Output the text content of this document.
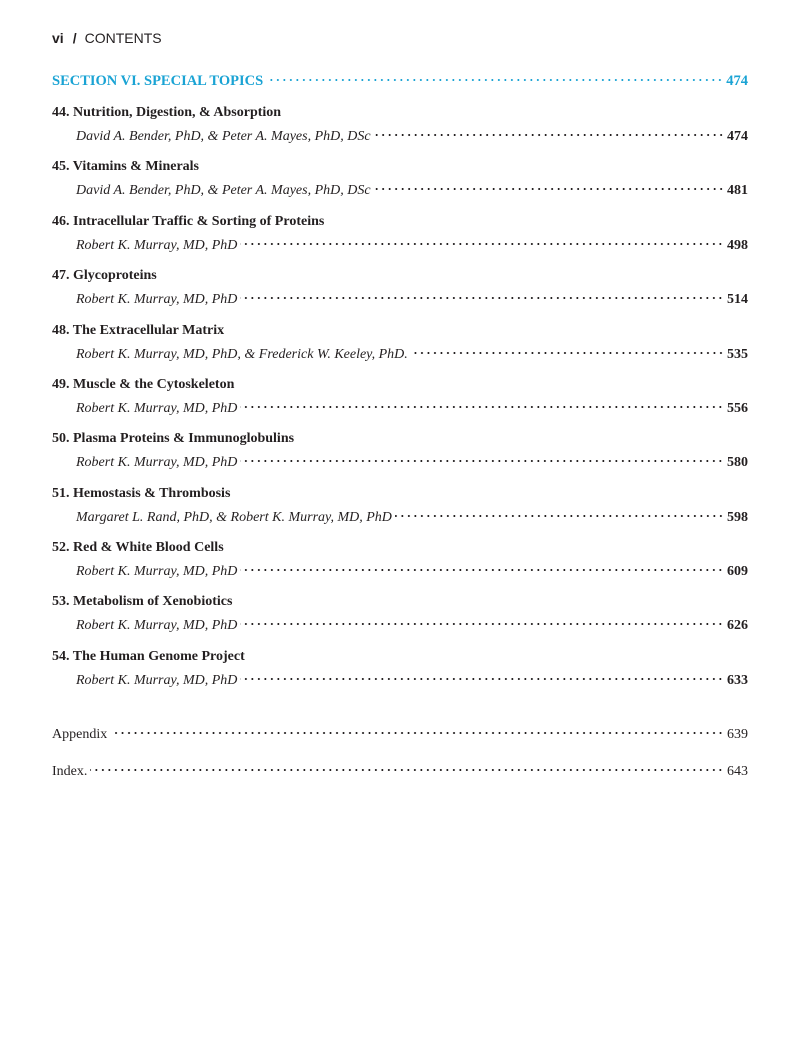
vi / CONTENTS
SECTION VI. SPECIAL TOPICS	474
44. Nutrition, Digestion, & Absorption
David A. Bender, PhD, & Peter A. Mayes, PhD, DSc	474
45. Vitamins & Minerals
David A. Bender, PhD, & Peter A. Mayes, PhD, DSc	481
46. Intracellular Traffic & Sorting of Proteins
Robert K. Murray, MD, PhD	498
47. Glycoproteins
Robert K. Murray, MD, PhD	514
48. The Extracellular Matrix
Robert K. Murray, MD, PhD, & Frederick W. Keeley, PhD.	535
49. Muscle & the Cytoskeleton
Robert K. Murray, MD, PhD	556
50. Plasma Proteins & Immunoglobulins
Robert K. Murray, MD, PhD	580
51. Hemostasis & Thrombosis
Margaret L. Rand, PhD, & Robert K. Murray, MD, PhD	598
52. Red & White Blood Cells
Robert K. Murray, MD, PhD	609
53. Metabolism of Xenobiotics
Robert K. Murray, MD, PhD	626
54. The Human Genome Project
Robert K. Murray, MD, PhD	633
Appendix	639
Index.	643
